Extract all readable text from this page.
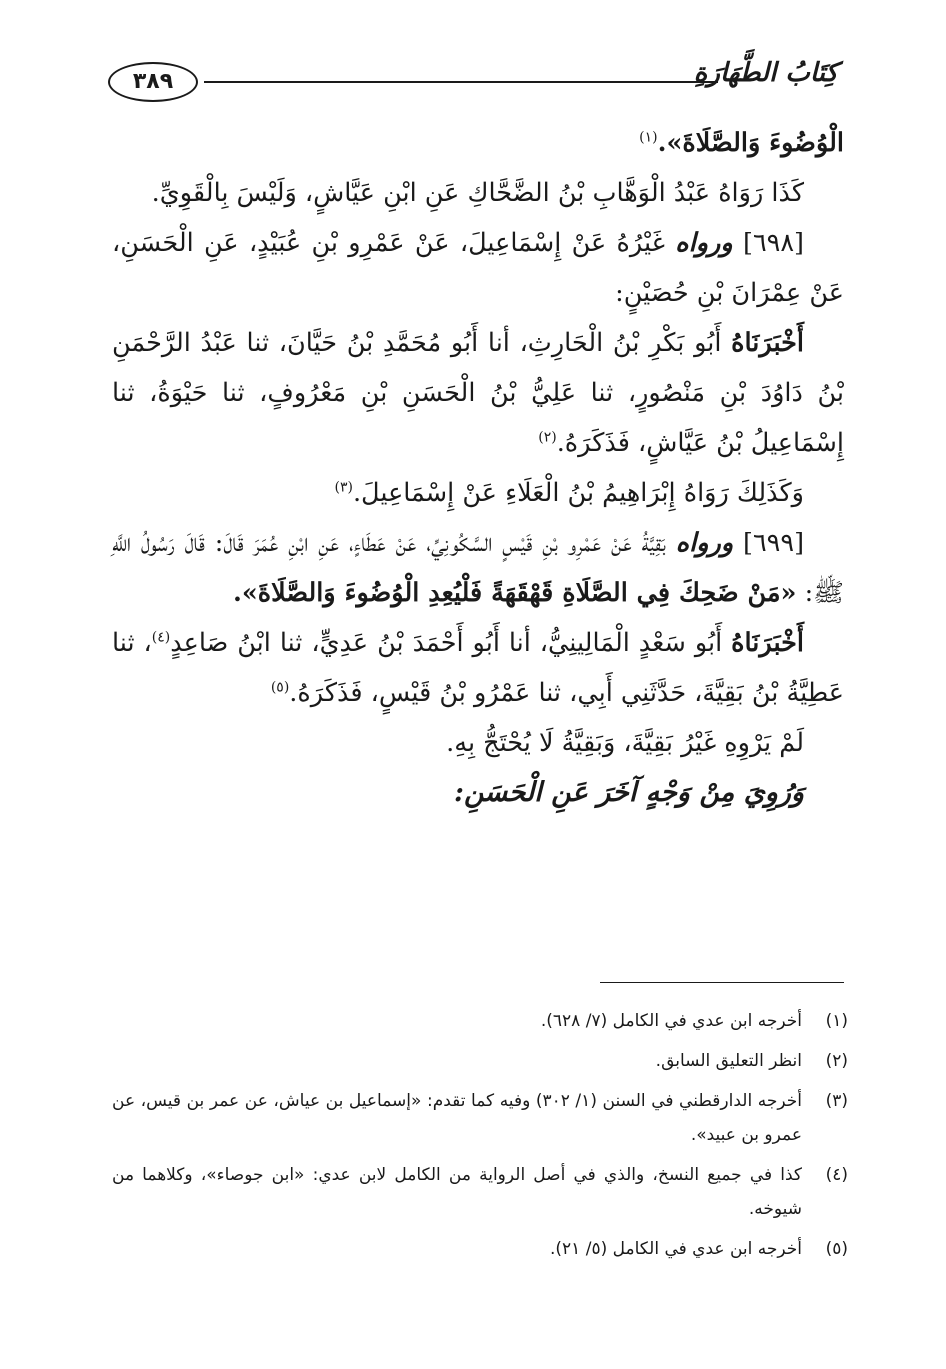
٣٨٩	كِتَابُ الطَّهَارَةِ

الْوُضُوءَ وَالصَّلَاةَ».$^{(١)}$

كَذَا رَوَاهُ عَبْدُ الْوَهَّابِ بْنُ الضَّحَّاكِ عَنِ ابْنِ عَيَّاشٍ، وَلَيْسَ بِالْقَوِيِّ.

[٦٩٨] ورواه غَيْرُهُ عَنْ إِسْمَاعِيلَ، عَنْ عَمْرِو بْنِ عُبَيْدٍ، عَنِ الْحَسَنِ، عَنْ عِمْرَانَ بْنِ حُصَيْنٍ:

أَخْبَرَنَاهُ أَبُو بَكْرِ بْنُ الْحَارِثِ، أنا أَبُو مُحَمَّدِ بْنُ حَيَّانَ، ثنا عَبْدُ الرَّحْمَنِ بْنُ دَاوُدَ بْنِ مَنْصُورٍ، ثنا عَلِيُّ بْنُ الْحَسَنِ بْنِ مَعْرُوفٍ، ثنا حَيْوَةُ، ثنا إِسْمَاعِيلُ بْنُ عَيَّاشٍ، فَذَكَرَهُ.$^{(٢)}$

وَكَذَلِكَ رَوَاهُ إِبْرَاهِيمُ بْنُ الْعَلَاءِ عَنْ إِسْمَاعِيلَ.$^{(٣)}$

[٦٩٩] ورواه بَقِيَّةُ عَنْ عَمْرِو بْنِ قَيْسٍ السَّكُونِيِّ، عَنْ عَطَاءٍ، عَنِ ابْنِ عُمَرَ قَالَ: قَالَ رَسُولُ اللَّهِ ﷺ: «مَنْ ضَحِكَ فِي الصَّلَاةِ قَهْقَهَةً فَلْيُعِدِ الْوُضُوءَ وَالصَّلَاةَ».

أَخْبَرَنَاهُ أَبُو سَعْدٍ الْمَالِينِيُّ، أنا أَبُو أَحْمَدَ بْنُ عَدِيٍّ، ثنا ابْنُ صَاعِدٍ$^{(٤)}$، ثنا عَطِيَّةُ بْنُ بَقِيَّةَ، حَدَّثَنِي أَبِي، ثنا عَمْرُو بْنُ قَيْسٍ، فَذَكَرَهُ.$^{(٥)}$

لَمْ يَرْوِهِ غَيْرُ بَقِيَّةَ، وَبَقِيَّةُ لَا يُحْتَجُّ بِهِ.

وَرُوِيَ مِنْ وَجْهٍ آخَرَ عَنِ الْحَسَنِ:

(١)
أخرجه ابن عدي في الكامل (٧/ ٦٢٨).
(٢)
انظر التعليق السابق.
(٣)
أخرجه الدارقطني في السنن (١/ ٣٠٢) وفيه كما تقدم: «إسماعيل بن عياش، عن عمر بن قيس، عن عمرو بن عبيد».
(٤)
كذا في جميع النسخ، والذي في أصل الرواية من الكامل لابن عدي: «ابن جوصاء»، وكلاهما من شيوخه.
(٥)
أخرجه ابن عدي في الكامل (٥/ ٢١).
